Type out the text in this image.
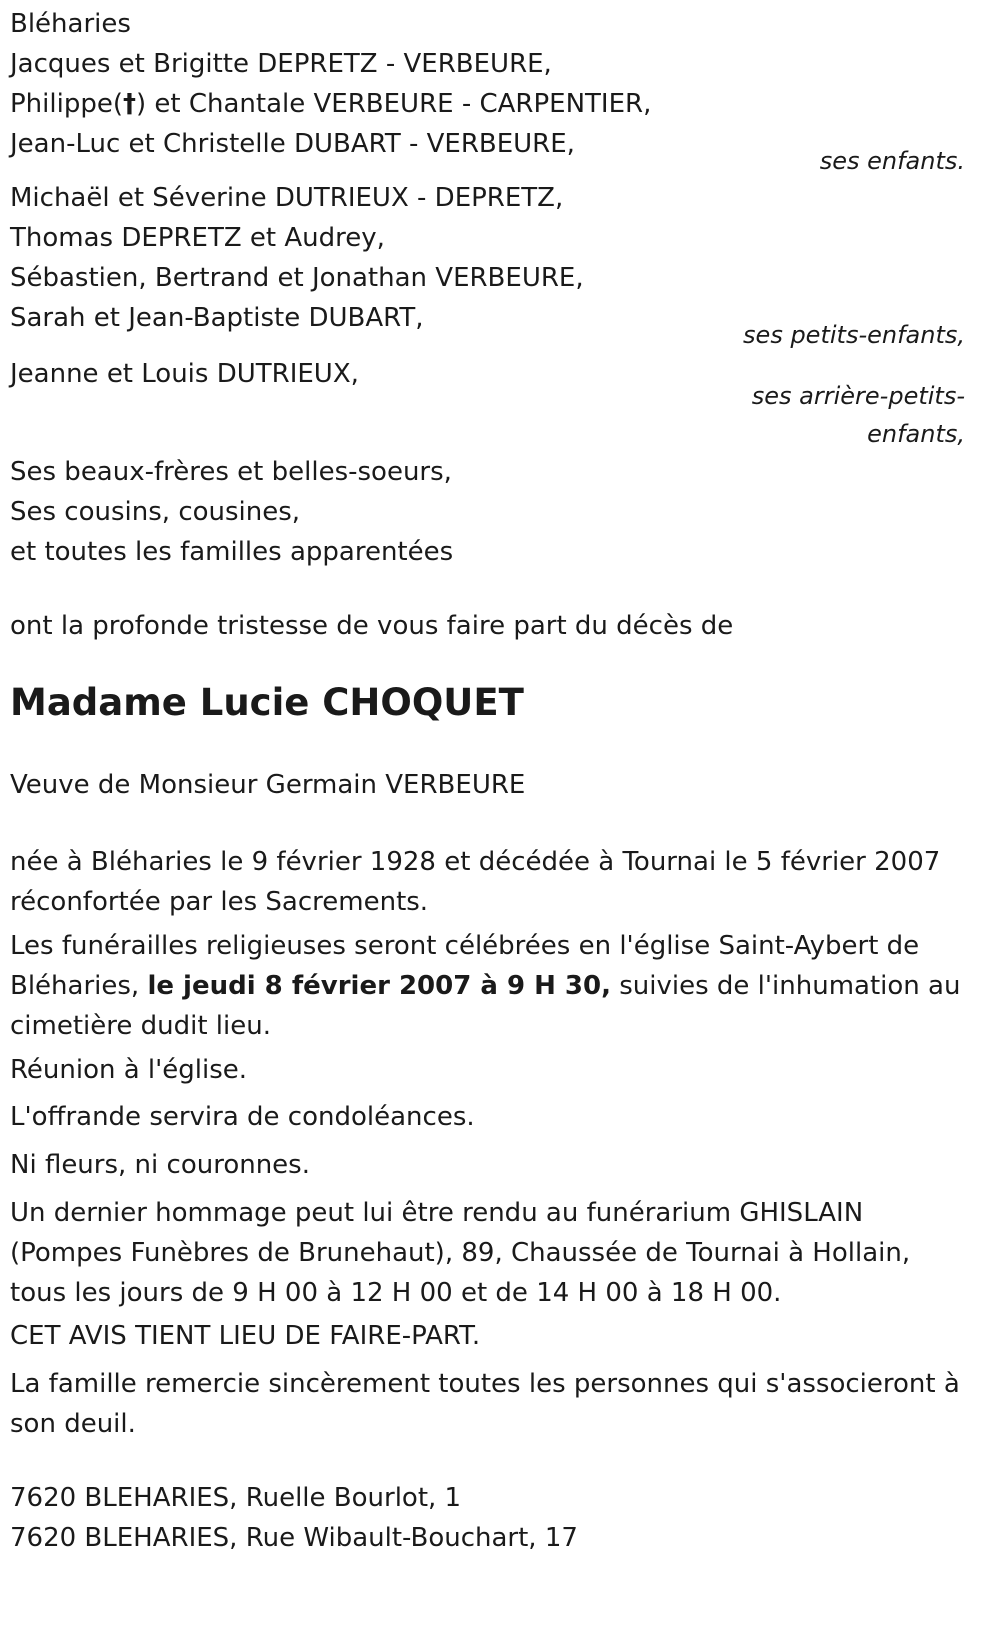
Bléharies
Jacques et Brigitte DEPRETZ - VERBEURE,
Philippe(†) et Chantale VERBEURE - CARPENTIER,
Jean-Luc et Christelle DUBART - VERBEURE,
ses enfants.
Michaël et Séverine DUTRIEUX - DEPRETZ,
Thomas DEPRETZ et Audrey,
Sébastien, Bertrand et Jonathan VERBEURE,
Sarah et Jean-Baptiste DUBART,
ses petits-enfants,
Jeanne et Louis DUTRIEUX,
ses arrière-petits-
enfants,
Ses beaux-frères et belles-soeurs,
Ses cousins, cousines,
et toutes les familles apparentées
ont la profonde tristesse de vous faire part du décès de
Madame Lucie CHOQUET
Veuve de Monsieur Germain VERBEURE
née à Bléharies le 9 février 1928 et décédée à Tournai le 5 février 2007
réconfortée par les Sacrements.
Les funérailles religieuses seront célébrées en l'église Saint-Aybert de
Bléharies, le jeudi 8 février 2007 à 9 H 30, suivies de l'inhumation au
cimetière dudit lieu.
Réunion à l'église.
L'offrande servira de condoléances.
Ni fleurs, ni couronnes.
Un dernier hommage peut lui être rendu au funérarium GHISLAIN
(Pompes Funèbres de Brunehaut), 89, Chaussée de Tournai à Hollain,
tous les jours de 9 H 00 à 12 H 00 et de 14 H 00 à 18 H 00.
CET AVIS TIENT LIEU DE FAIRE-PART.
La famille remercie sincèrement toutes les personnes qui s'associeront à
son deuil.
7620 BLEHARIES, Ruelle Bourlot, 1
7620 BLEHARIES, Rue Wibault-Bouchart, 17
